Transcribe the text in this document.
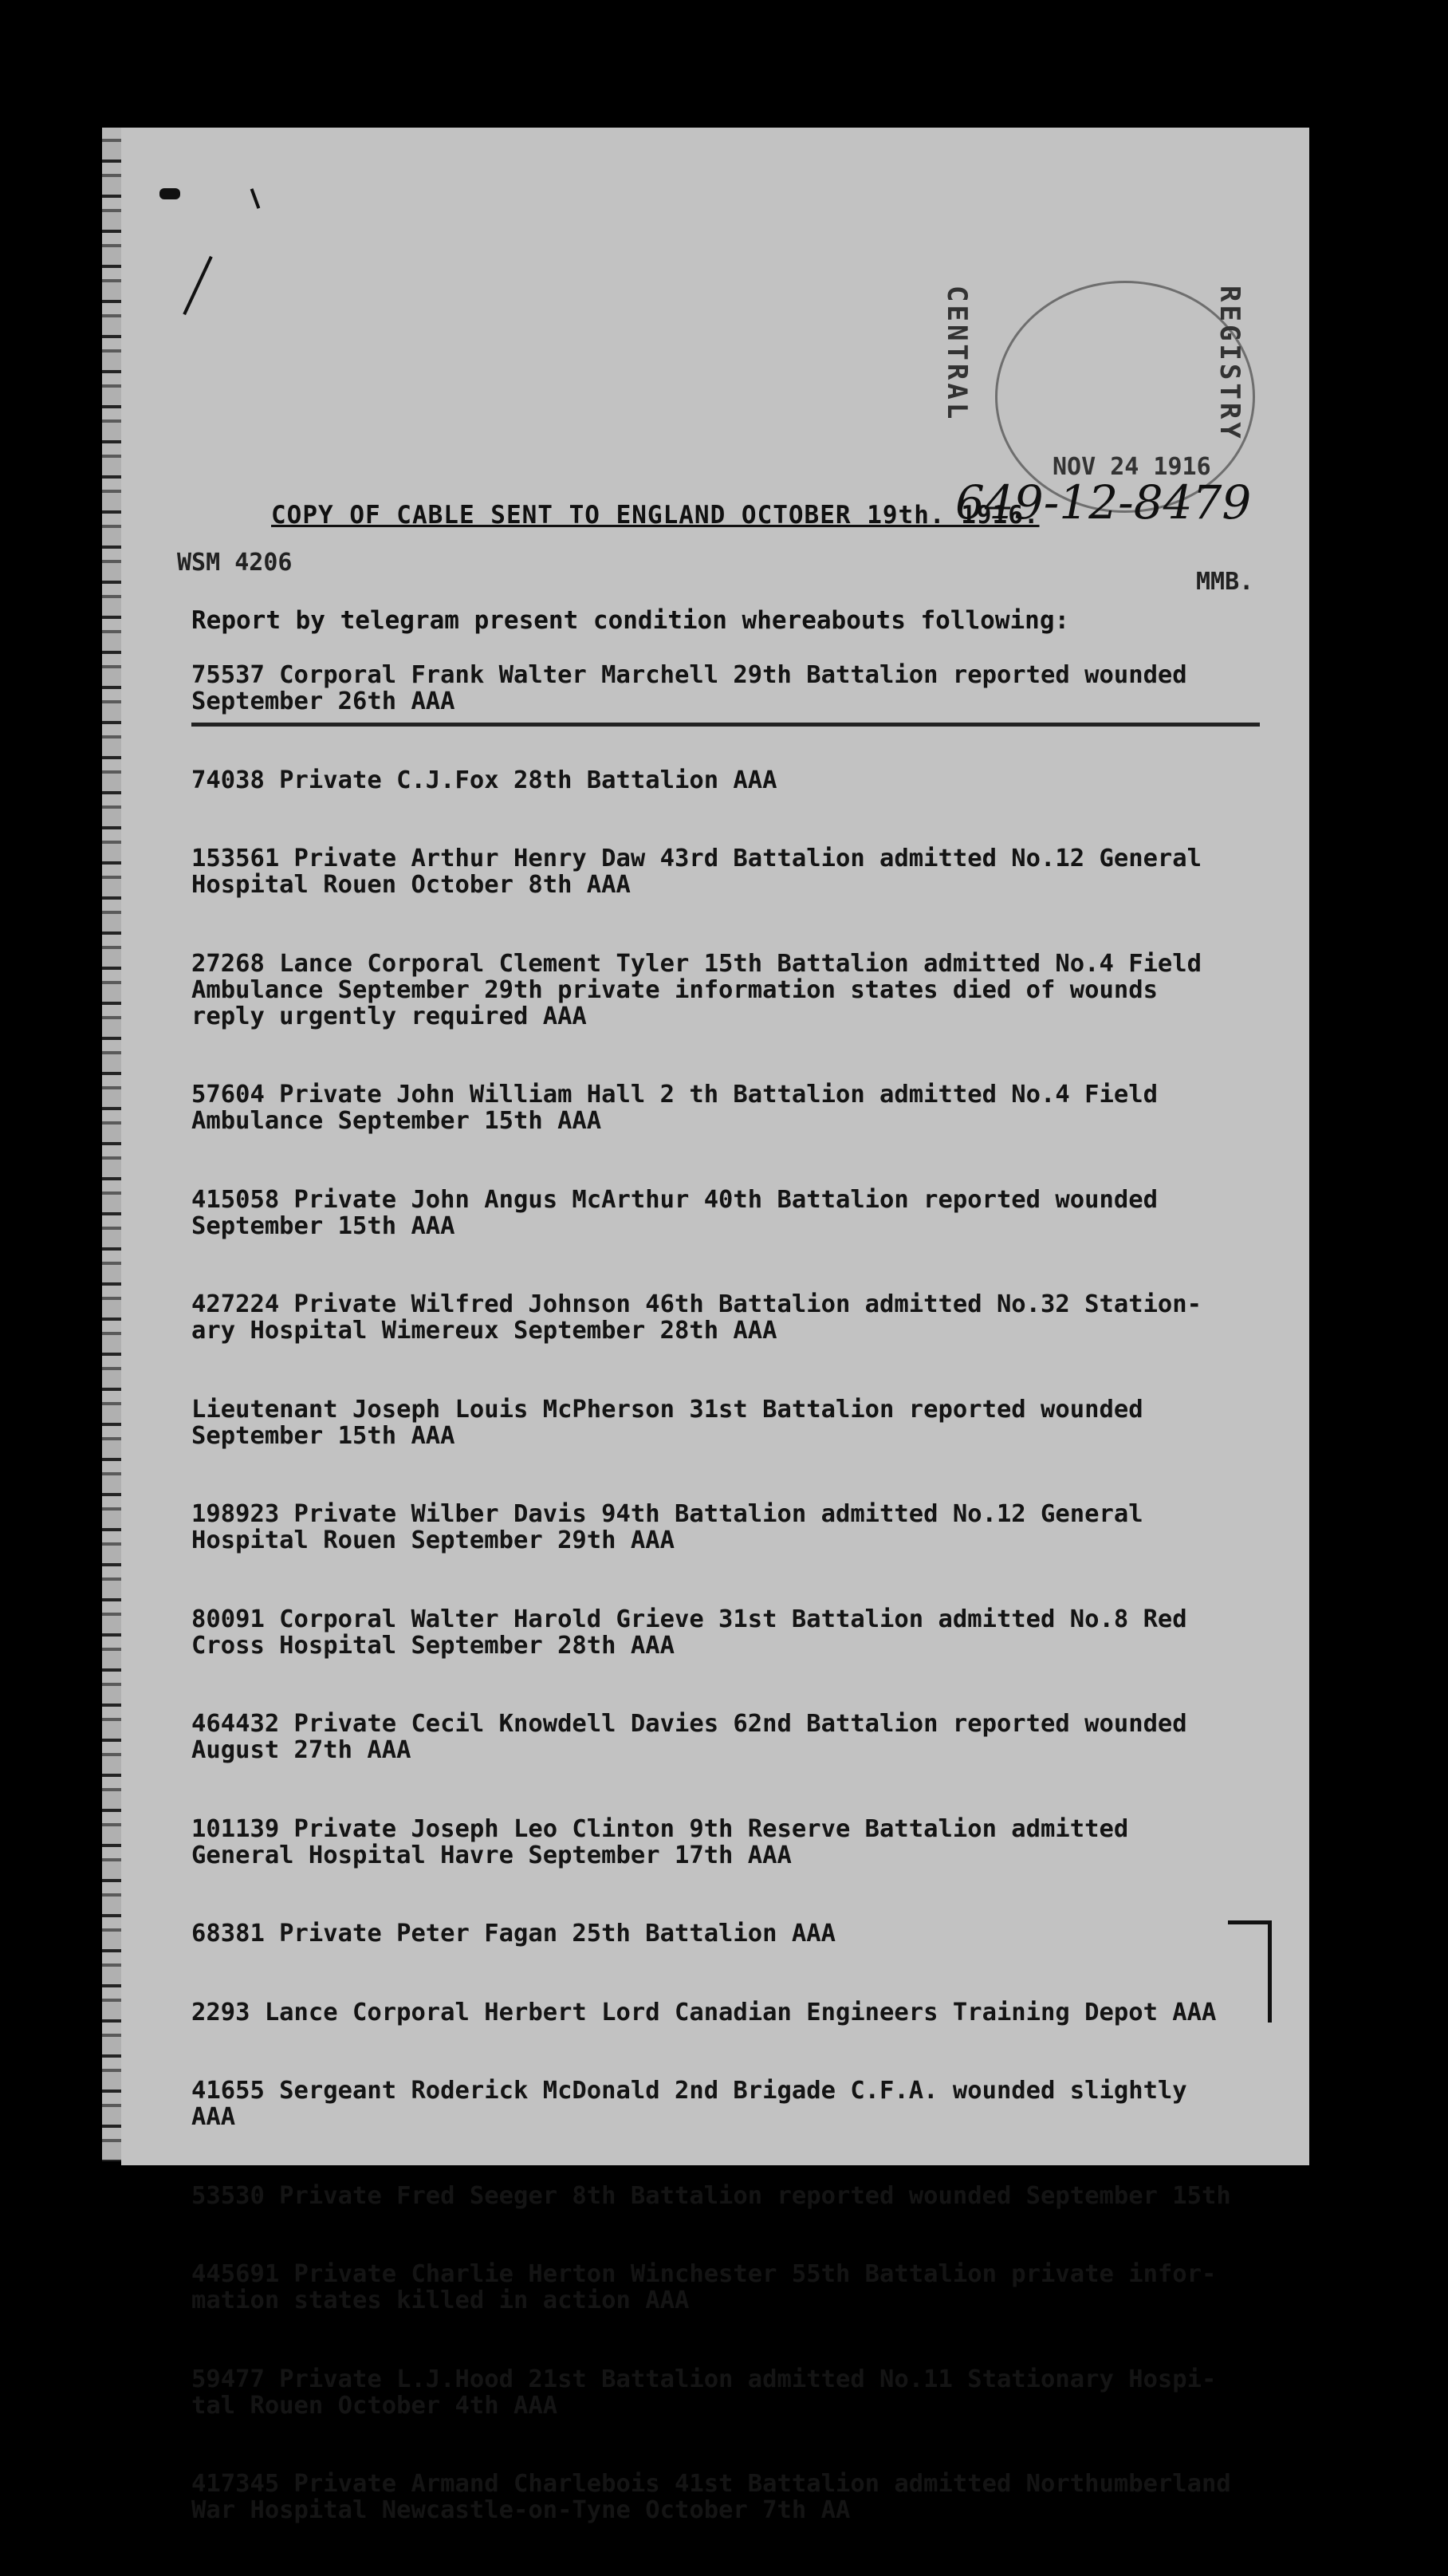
CENTRAL	REGISTRY
NOV 24 1916
649-12-8479
COPY OF CABLE SENT TO ENGLAND OCTOBER 19th. 1916.
WSM 4206
MMB.
Report by telegram present condition whereabouts following:
75537 Corporal Frank Walter Marchell 29th Battalion reported wounded
September 26th AAA
74038 Private C.J.Fox 28th Battalion AAA
153561 Private Arthur Henry Daw 43rd Battalion admitted No.12 General
Hospital Rouen October 8th AAA
27268 Lance Corporal Clement Tyler 15th Battalion admitted No.4 Field
Ambulance September 29th private information states died of wounds
reply urgently required AAA
57604 Private John William Hall 2 th Battalion admitted No.4 Field
Ambulance September 15th AAA
415058 Private John Angus McArthur 40th Battalion reported wounded
September 15th AAA
427224 Private Wilfred Johnson 46th Battalion admitted No.32 Station-
ary Hospital Wimereux September 28th AAA
Lieutenant Joseph Louis McPherson 31st Battalion reported wounded
September 15th AAA
198923 Private Wilber Davis 94th Battalion admitted No.12 General
Hospital Rouen September 29th AAA
80091 Corporal Walter Harold Grieve 31st Battalion admitted No.8 Red
Cross Hospital September 28th AAA
464432 Private Cecil Knowdell Davies 62nd Battalion reported wounded
August 27th AAA
101139 Private Joseph Leo Clinton 9th Reserve Battalion admitted
General Hospital Havre September 17th AAA
68381 Private Peter Fagan 25th Battalion AAA
2293 Lance Corporal Herbert Lord Canadian Engineers Training Depot AAA
41655 Sergeant Roderick McDonald 2nd Brigade C.F.A. wounded slightly
AAA
53530 Private Fred Seeger 8th Battalion reported wounded September 15th
445691 Private Charlie Herton Winchester 55th Battalion private infor-
mation states killed in action AAA
59477 Private L.J.Hood 21st Battalion admitted No.11 Stationary Hospi-
tal Rouen October 4th AAA
417345 Private Armand Charlebois 41st Battalion admitted Northumberland
War Hospital Newcastle-on-Tyne October 7th AA
